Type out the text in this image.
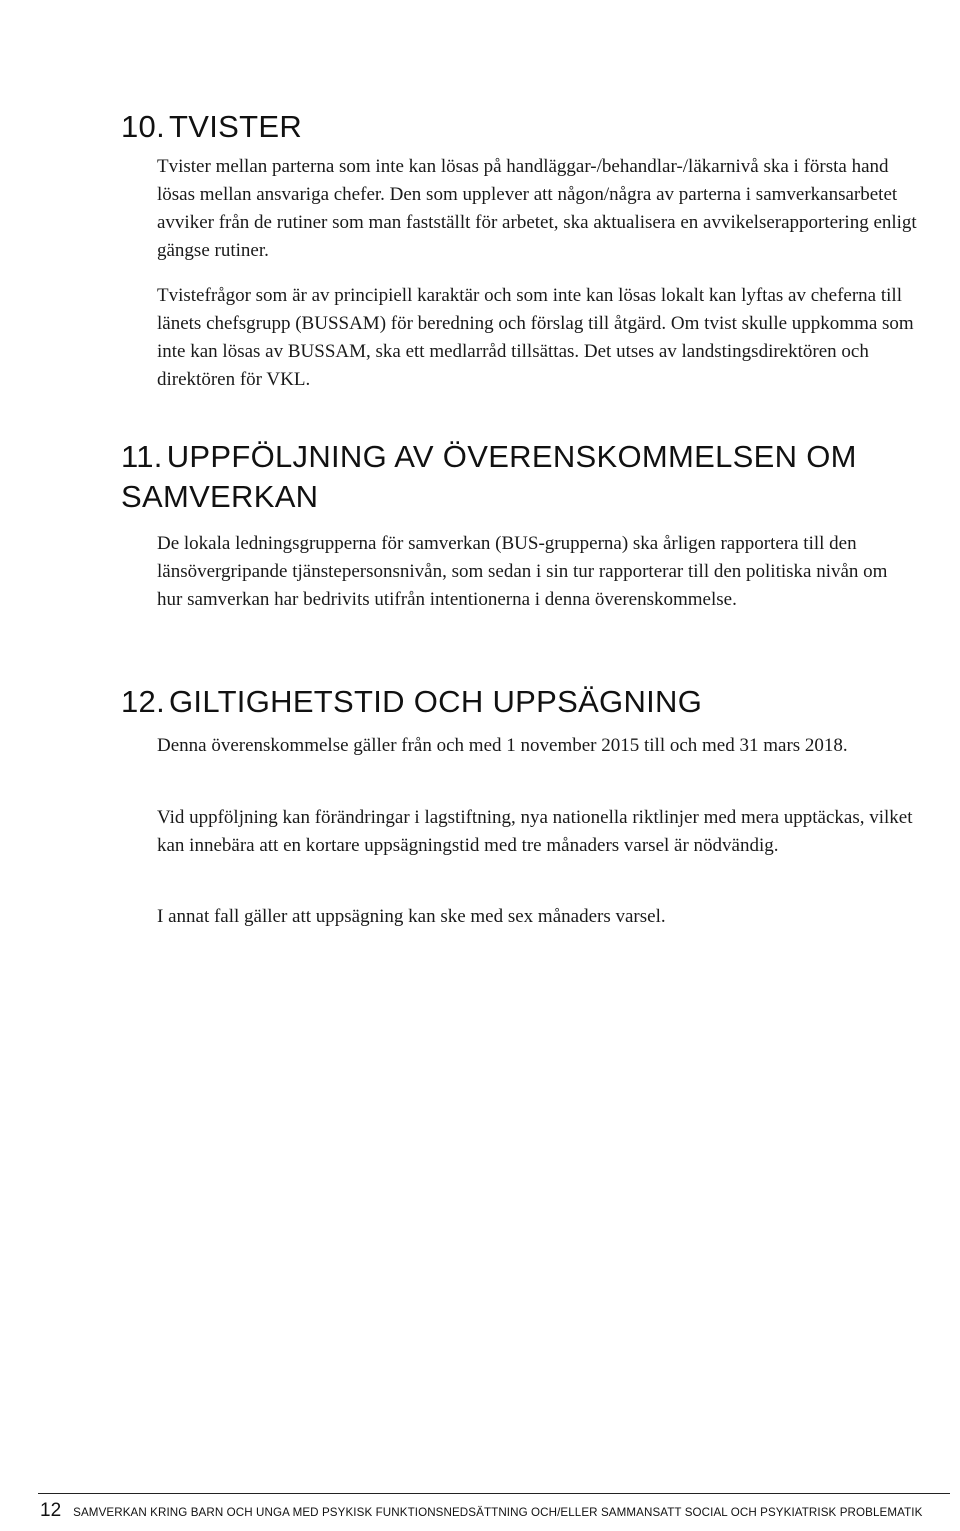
10. TVISTER

Tvister mellan parterna som inte kan lösas på handläggar-/behandlar-/läkarnivå ska i första hand lösas mellan ansvariga chefer. Den som upplever att någon/några av parterna i samverkansarbetet avviker från de rutiner som man fastställt för arbetet, ska aktualisera en avvikelserapportering enligt gängse rutiner.

Tvistefrågor som är av principiell karaktär och som inte kan lösas lokalt kan lyftas av cheferna till länets chefsgrupp (BUSSAM) för beredning och förslag till åtgärd. Om tvist skulle uppkomma som inte kan lösas av BUSSAM, ska ett medlarråd tillsättas. Det utses av landstingsdirektören och direktören för VKL.

11. UPPFÖLJNING AV ÖVERENSKOMMELSEN OM SAMVERKAN

De lokala ledningsgrupperna för samverkan (BUS-grupperna) ska årligen rapportera till den länsövergripande tjänstepersonsnivån, som sedan i sin tur rapporterar till den politiska nivån om hur samverkan har bedrivits utifrån intentionerna i denna överenskommelse.

12. GILTIGHETSTID OCH UPPSÄGNING

Denna överenskommelse gäller från och med 1 november 2015 till och med 31 mars 2018.

Vid uppföljning kan förändringar i lagstiftning, nya nationella riktlinjer med mera upptäckas, vilket kan innebära att en kortare uppsägningstid med tre månaders varsel är nödvändig.

I annat fall gäller att uppsägning kan ske med sex månaders varsel.

12 SAMVERKAN KRING BARN OCH UNGA MED PSYKISK FUNKTIONSNEDSÄTTNING OCH/ELLER SAMMANSATT SOCIAL OCH PSYKIATRISK PROBLEMATIK
